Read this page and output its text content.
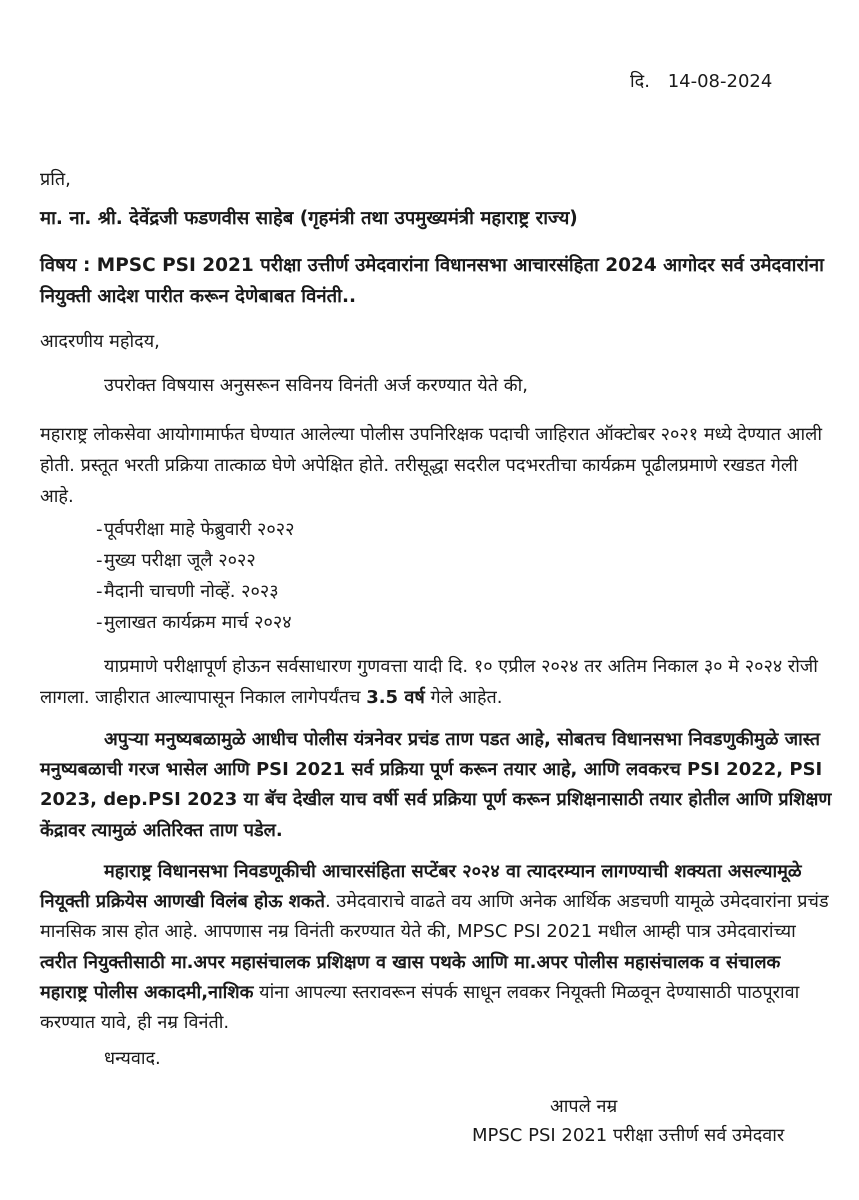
दि. 14-08-2024
प्रति,
मा. ना. श्री. देवेंद्रजी फडणवीस साहेब (गृहमंत्री तथा उपमुख्यमंत्री महाराष्ट्र राज्य)
विषय : MPSC PSI 2021 परीक्षा उत्तीर्ण उमेदवारांना विधानसभा आचारसंहिता 2024 आगोदर सर्व उमेदवारांना नियुक्ती आदेश पारीत करून देणेबाबत विनंती..
आदरणीय महोदय,
उपरोक्त विषयास अनुसरून सविनय विनंती अर्ज करण्यात येते की,
महाराष्ट्र लोकसेवा आयोगामार्फत घेण्यात आलेल्या पोलीस उपनिरिक्षक पदाची जाहिरात ऑक्टोबर २०२१ मध्ये देण्यात आली होती. प्रस्तूत भरती प्रक्रिया तात्काळ घेणे अपेक्षित होते. तरीसूद्धा सदरील पदभरतीचा कार्यक्रम पूढीलप्रमाणे रखडत गेली आहे.
- पूर्वपरीक्षा माहे फेब्रुवारी २०२२
- मुख्य परीक्षा जूलै २०२२
- मैदानी चाचणी नोव्हें. २०२३
- मुलाखत कार्यक्रम मार्च २०२४
याप्रमाणे परीक्षापूर्ण होऊन सर्वसाधारण गुणवत्ता यादी दि. १० एप्रील २०२४ तर अतिम निकाल ३० मे २०२४ रोजी लागला. जाहीरात आल्यापासून निकाल लागेपर्यंतच 3.5 वर्ष गेले आहेत.
अपुऱ्या मनुष्यबळामुळे आधीच पोलीस यंत्रनेवर प्रचंड ताण पडत आहे, सोबतच विधानसभा निवडणुकीमुळे जास्त मनुष्यबळाची गरज भासेल आणि PSI 2021 सर्व प्रक्रिया पूर्ण करून तयार आहे, आणि लवकरच PSI 2022, PSI 2023, dep.PSI 2023 या बॅच देखील याच वर्षी सर्व प्रक्रिया पूर्ण करून प्रशिक्षनासाठी तयार होतील आणि प्रशिक्षण केंद्रावर त्यामुळं अतिरिक्त ताण पडेल.
महाराष्ट्र विधानसभा निवडणूकीची आचारसंहिता सप्टेंबर २०२४ वा त्यादरम्यान लागण्याची शक्यता असल्यामूळे नियूक्ती प्रक्रियेस आणखी विलंब होऊ शकते. उमेदवाराचे वाढते वय आणि अनेक आर्थिक अडचणी यामूळे उमेदवारांना प्रचंड मानसिक त्रास होत आहे. आपणास नम्र विनंती करण्यात येते की, MPSC PSI 2021 मधील आम्ही पात्र उमेदवारांच्या त्वरीत नियुक्तीसाठी मा.अपर महासंचालक प्रशिक्षण व खास पथके आणि मा.अपर पोलीस महासंचालक व संचालक महाराष्ट्र पोलीस अकादमी,नाशिक यांना आपल्या स्तरावरून संपर्क साधून लवकर नियूक्ती मिळवून देण्यासाठी पाठपूरावा करण्यात यावे, ही नम्र विनंती.
धन्यवाद.
आपले नम्र
MPSC PSI 2021 परीक्षा उत्तीर्ण सर्व उमेदवार
